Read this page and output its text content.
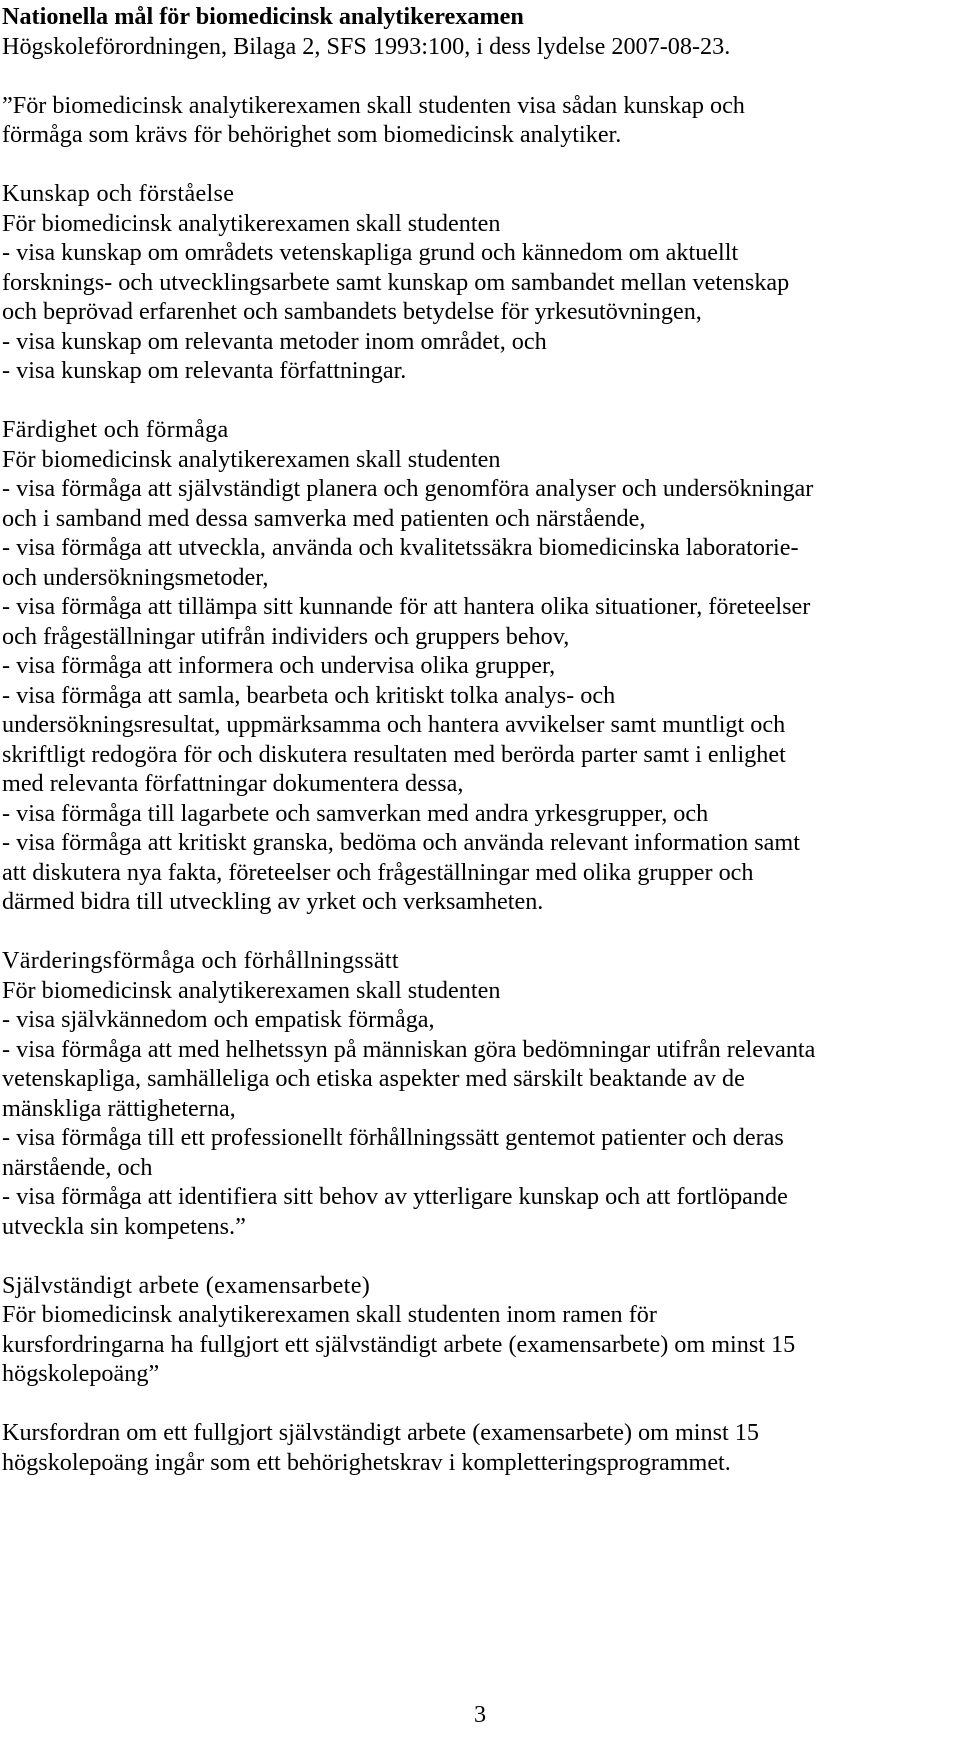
Nationella mål för biomedicinsk analytikerexamen
Högskoleförordningen, Bilaga 2, SFS 1993:100, i dess lydelse 2007-08-23.
”För biomedicinsk analytikerexamen skall studenten visa sådan kunskap och
förmåga som krävs för behörighet som biomedicinsk analytiker.
Kunskap och förståelse
För biomedicinsk analytikerexamen skall studenten
- visa kunskap om områdets vetenskapliga grund och kännedom om aktuellt
forsknings- och utvecklingsarbete samt kunskap om sambandet mellan vetenskap
och beprövad erfarenhet och sambandets betydelse för yrkesutövningen,
- visa kunskap om relevanta metoder inom området, och
- visa kunskap om relevanta författningar.
Färdighet och förmåga
För biomedicinsk analytikerexamen skall studenten
- visa förmåga att självständigt planera och genomföra analyser och undersökningar
och i samband med dessa samverka med patienten och närstående,
- visa förmåga att utveckla, använda och kvalitetssäkra biomedicinska laboratorie-
och undersökningsmetoder,
- visa förmåga att tillämpa sitt kunnande för att hantera olika situationer, företeelser
och frågeställningar utifrån individers och gruppers behov,
- visa förmåga att informera och undervisa olika grupper,
- visa förmåga att samla, bearbeta och kritiskt tolka analys- och
undersökningsresultat, uppmärksamma och hantera avvikelser samt muntligt och
skriftligt redogöra för och diskutera resultaten med berörda parter samt i enlighet
med relevanta författningar dokumentera dessa,
- visa förmåga till lagarbete och samverkan med andra yrkesgrupper, och
- visa förmåga att kritiskt granska, bedöma och använda relevant information samt
att diskutera nya fakta, företeelser och frågeställningar med olika grupper och
därmed bidra till utveckling av yrket och verksamheten.
Värderingsförmåga och förhållningssätt
För biomedicinsk analytikerexamen skall studenten
- visa självkännedom och empatisk förmåga,
- visa förmåga att med helhetssyn på människan göra bedömningar utifrån relevanta
vetenskapliga, samhälleliga och etiska aspekter med särskilt beaktande av de
mänskliga rättigheterna,
- visa förmåga till ett professionellt förhållningssätt gentemot patienter och deras
närstående, och
- visa förmåga att identifiera sitt behov av ytterligare kunskap och att fortlöpande
utveckla sin kompetens.”
Självständigt arbete (examensarbete)
För biomedicinsk analytikerexamen skall studenten inom ramen för
kursfordringarna ha fullgjort ett självständigt arbete (examensarbete) om minst 15
högskolepoäng”
Kursfordran om ett fullgjort självständigt arbete (examensarbete) om minst 15
högskolepoäng ingår som ett behörighetskrav i kompletteringsprogrammet.
3
